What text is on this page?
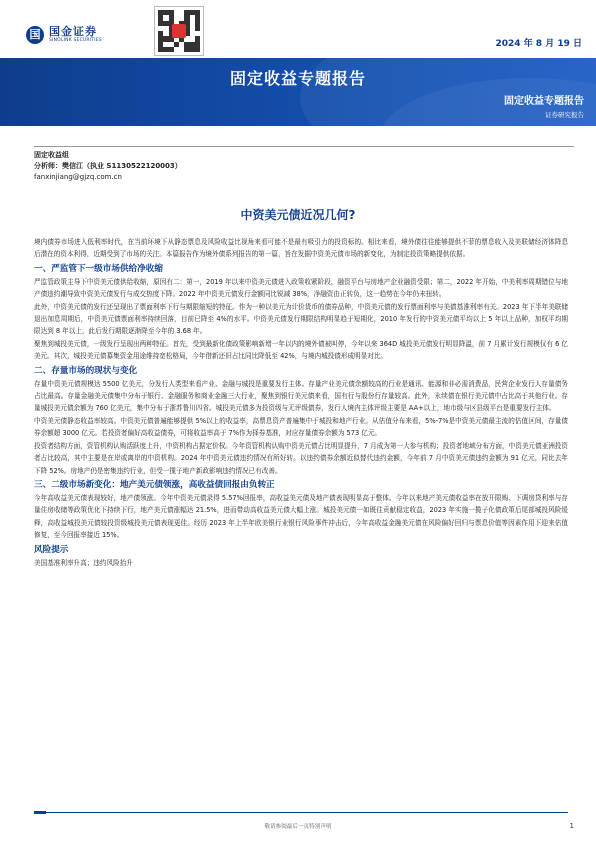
国 国金证券
SINOLINK SECURITIES	2024 年 8 月 19 日
固定收益专题报告
固定收益专题报告
证券研究报告
固定收益组
分析师：樊信江（执业 S1130522120003）
fanxinjiang@gjzq.com.cn
中资美元债近况几何?

境内债券市场进入低利率时代，在当前环境下从静态票息及风险收益比视角来看可能不是最有吸引力的投资标的。相比来看，境外债往往能够提供不菲的票息收入及美联储经济体降息后潜在的资本利得，近期受到了市场的关注。本篇报告作为境外债系列报告的第一篇，旨在发掘中资美元债市场的新变化，为制定投资策略提供依据。

一、严监管下一级市场供给净收缩

严监管政策主导下中资美元债供给收缩，原因有二：第一，2019 年以来中资美元债进入政策收紧阶段，融资平台与房地产企业融资受限；第二，2022 年开始，中美利率周期错位与地产债违约潮导致中资美元债发行与成交热度下降。2022 年中资美元债发行金额同比锐减 38%，净融资由正转负，这一趋势在今年仍未扭转。

此外，中资美元债的发行还呈现出了票面利率下行与期限缩短的特征。作为一种以美元为计价货币的债券品种，中资美元债的发行票面利率与美债基准利率有关。2023 年下半年美联储退出加息周期后，中资美元债票面利率持续回落，目前已降至 4%的水平。中资美元债发行期限结构明显趋于短期化，2010 年发行的中资美元债平均以上 5 年以上品种，加权平均期限达到 8 年以上，此后发行期限逐渐降至今年的 3.68 年。

聚焦到城投美元债，一级发行呈现出两种特征。首先，受到最新化债政策影响新增一年以内的境外债被叫停，今年以来 364D 城投美元债发行明显降温，前 7 月累计发行规模仅有 6 亿美元。其次，城投美元债募集资金用途维持宽松格局，今年借新还旧占比同比降低至 42%，与境内城投债形成明显对比。

二、存量市场的现状与变化

存量中资美元债规模达 5500 亿美元，分发行人类型来看产业、金融与城投是重要发行主体。存量产业美元债余额较高的行业是通讯、能源和非必需消费品，民营企业发行人存量债务占比最高。存量金融美元债集中分布于银行、金融服务和商业金融三大行业，聚焦到银行美元债来看，国有行与股份行存量较高。此外，永续债在银行美元债中占比高于其他行业。存量城投美元债余额为 760 亿美元，集中分布于浙苏鲁川四省。城投美元债多为投资级与无评级债券，发行人境内主体评级主要是 AA+以上，地市级与区县级平台是重要发行主体。

中资美元债静态收益率较高。中资美元债普遍能够提供 5%以上的收益率，高票息资产普遍集中于城投和地产行业。从估值分布来看，5%-7%是中资美元债最主流的估值区间，存量债券余额超 3000 亿元。若投资者偏好高收益债券，可将收益率高于 7%作为择券基准，对应存量债券余额为 573 亿元。

投资者结构方面，资管机构认购活跃度上升，中资机构占据定价权。今年资管机构认购中资美元债占比明显提升，7 月成为第一大参与机构；投资者地域分布方面，中资美元债亚洲投资者占比较高，其中主要是在岸或离岸的中资机构。2024 年中资美元债违约情况有所好转。以违约债券余额近似替代违约金额，今年前 7 月中资美元债违约金额为 91 亿元，同比去年下降 52%。房地产仍是密集违约行业，但受一揽子地产新政影响违约情况已有改善。

三、二级市场新变化：地产美元债领涨，高收益债回报由负转正

今年高收益美元债表现较好，地产债领涨。今年中资美元债录得 5.57%回报率，高收益美元债及地产债表现明显高于整体。今年以来地产美元债收益率在放开限购、下调房贷利率与存量住房收储等政策优化下持续下行，地产美元债涨幅达 21.5%，进而带动高收益美元债大幅上涨。城投美元债一如既往贡献稳定收益，2023 年实施一揽子化债政策后尾部城投风险缓释，高收益城投美元债较投资级城投美元债表现更佳。经历 2023 年上半年欧美银行业银行风险事件冲击后，今年高收益金融美元债在风险偏好回归与票息价值等因素作用下迎来估值修复，至今回报率接近 15%。

风险提示

美国基准利率升高；违约风险抬升

敬请参阅最后一页特别声明	1
